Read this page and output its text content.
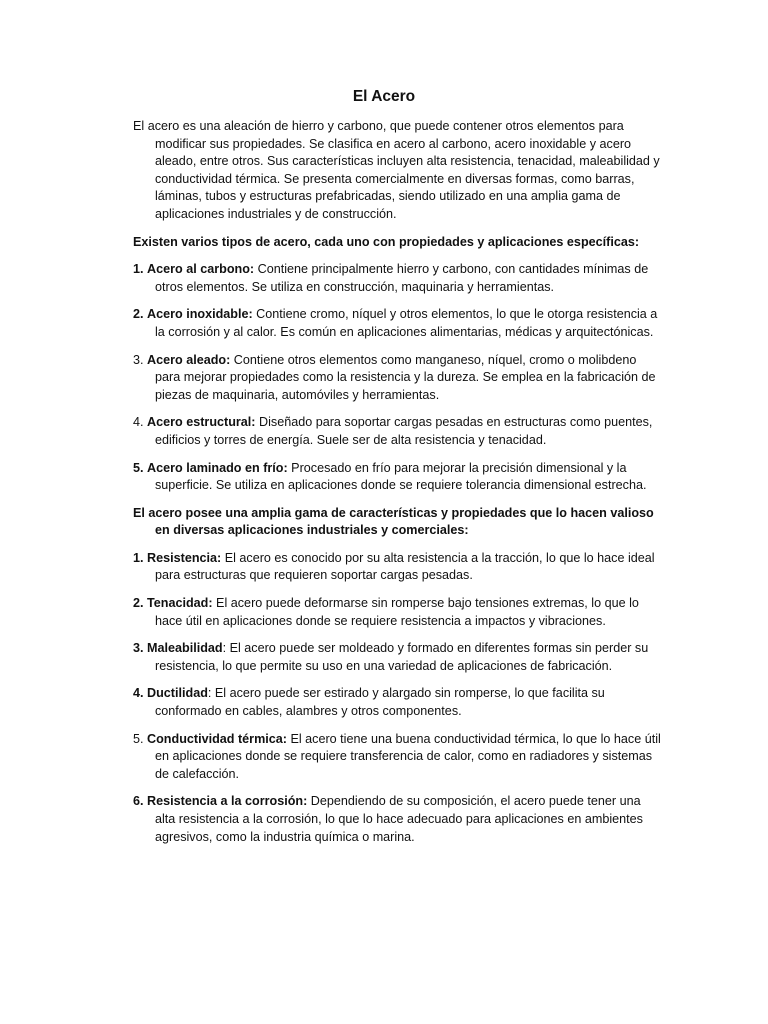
El Acero

El acero es una aleación de hierro y carbono, que puede contener otros elementos para modificar sus propiedades. Se clasifica en acero al carbono, acero inoxidable y acero aleado, entre otros. Sus características incluyen alta resistencia, tenacidad, maleabilidad y conductividad térmica. Se presenta comercialmente en diversas formas, como barras, láminas, tubos y estructuras prefabricadas, siendo utilizado en una amplia gama de aplicaciones industriales y de construcción.

Existen varios tipos de acero, cada uno con propiedades y aplicaciones específicas:

1. Acero al carbono: Contiene principalmente hierro y carbono, con cantidades mínimas de otros elementos. Se utiliza en construcción, maquinaria y herramientas.

2. Acero inoxidable: Contiene cromo, níquel y otros elementos, lo que le otorga resistencia a la corrosión y al calor. Es común en aplicaciones alimentarias, médicas y arquitectónicas.

3. Acero aleado: Contiene otros elementos como manganeso, níquel, cromo o molibdeno para mejorar propiedades como la resistencia y la dureza. Se emplea en la fabricación de piezas de maquinaria, automóviles y herramientas.

4. Acero estructural: Diseñado para soportar cargas pesadas en estructuras como puentes, edificios y torres de energía. Suele ser de alta resistencia y tenacidad.

5. Acero laminado en frío: Procesado en frío para mejorar la precisión dimensional y la superficie. Se utiliza en aplicaciones donde se requiere tolerancia dimensional estrecha.

El acero posee una amplia gama de características y propiedades que lo hacen valioso en diversas aplicaciones industriales y comerciales:

1. Resistencia: El acero es conocido por su alta resistencia a la tracción, lo que lo hace ideal para estructuras que requieren soportar cargas pesadas.

2. Tenacidad: El acero puede deformarse sin romperse bajo tensiones extremas, lo que lo hace útil en aplicaciones donde se requiere resistencia a impactos y vibraciones.

3. Maleabilidad: El acero puede ser moldeado y formado en diferentes formas sin perder su resistencia, lo que permite su uso en una variedad de aplicaciones de fabricación.

4. Ductilidad: El acero puede ser estirado y alargado sin romperse, lo que facilita su conformado en cables, alambres y otros componentes.

5. Conductividad térmica: El acero tiene una buena conductividad térmica, lo que lo hace útil en aplicaciones donde se requiere transferencia de calor, como en radiadores y sistemas de calefacción.

6. Resistencia a la corrosión: Dependiendo de su composición, el acero puede tener una alta resistencia a la corrosión, lo que lo hace adecuado para aplicaciones en ambientes agresivos, como la industria química o marina.
